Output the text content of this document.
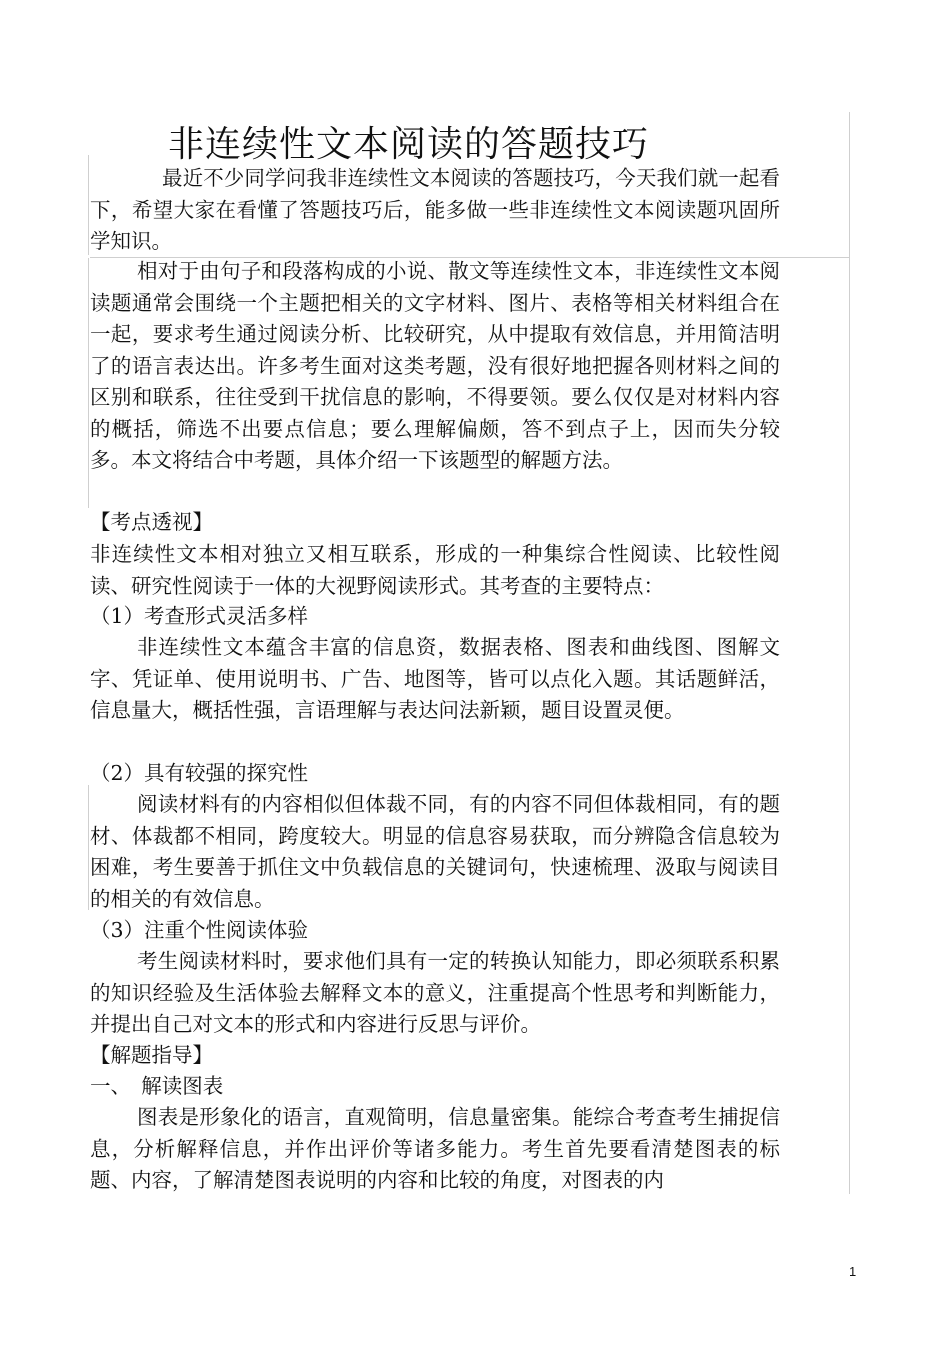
非连续性文本阅读的答题技巧

最近不少同学问我非连续性文本阅读的答题技巧，今天我们就一起看下，希望大家在看懂了答题技巧后，能多做一些非连续性文本阅读题巩固所学知识。

相对于由句子和段落构成的小说、散文等连续性文本，非连续性文本阅读题通常会围绕一个主题把相关的文字材料、图片、表格等相关材料组合在一起，要求考生通过阅读分析、比较研究，从中提取有效信息，并用简洁明了的语言表达出。许多考生面对这类考题，没有很好地把握各则材料之间的区别和联系，往往受到干扰信息的影响，不得要领。要么仅仅是对材料内容的概括，筛选不出要点信息；要么理解偏颇，答不到点子上，因而失分较多。本文将结合中考题，具体介绍一下该题型的解题方法。

【考点透视】

非连续性文本相对独立又相互联系，形成的一种集综合性阅读、比较性阅读、研究性阅读于一体的大视野阅读形式。其考查的主要特点：

（1）考查形式灵活多样

非连续性文本蕴含丰富的信息资，数据表格、图表和曲线图、图解文字、凭证单、使用说明书、广告、地图等，皆可以点化入题。其话题鲜活，信息量大，概括性强，言语理解与表达问法新颖，题目设置灵便。

（2）具有较强的探究性

阅读材料有的内容相似但体裁不同，有的内容不同但体裁相同，有的题材、体裁都不相同，跨度较大。明显的信息容易获取，而分辨隐含信息较为困难，考生要善于抓住文中负载信息的关键词句，快速梳理、汲取与阅读目的相关的有效信息。

（3）注重个性阅读体验

考生阅读材料时，要求他们具有一定的转换认知能力，即必须联系积累的知识经验及生活体验去解释文本的意义，注重提高个性思考和判断能力，并提出自己对文本的形式和内容进行反思与评价。

【解题指导】
一、　解读图表

图表是形象化的语言，直观简明，信息量密集。能综合考查考生捕捉信息，分析解释信息，并作出评价等诸多能力。考生首先要看清楚图表的标题、内容，了解清楚图表说明的内容和比较的角度，对图表的内

1
